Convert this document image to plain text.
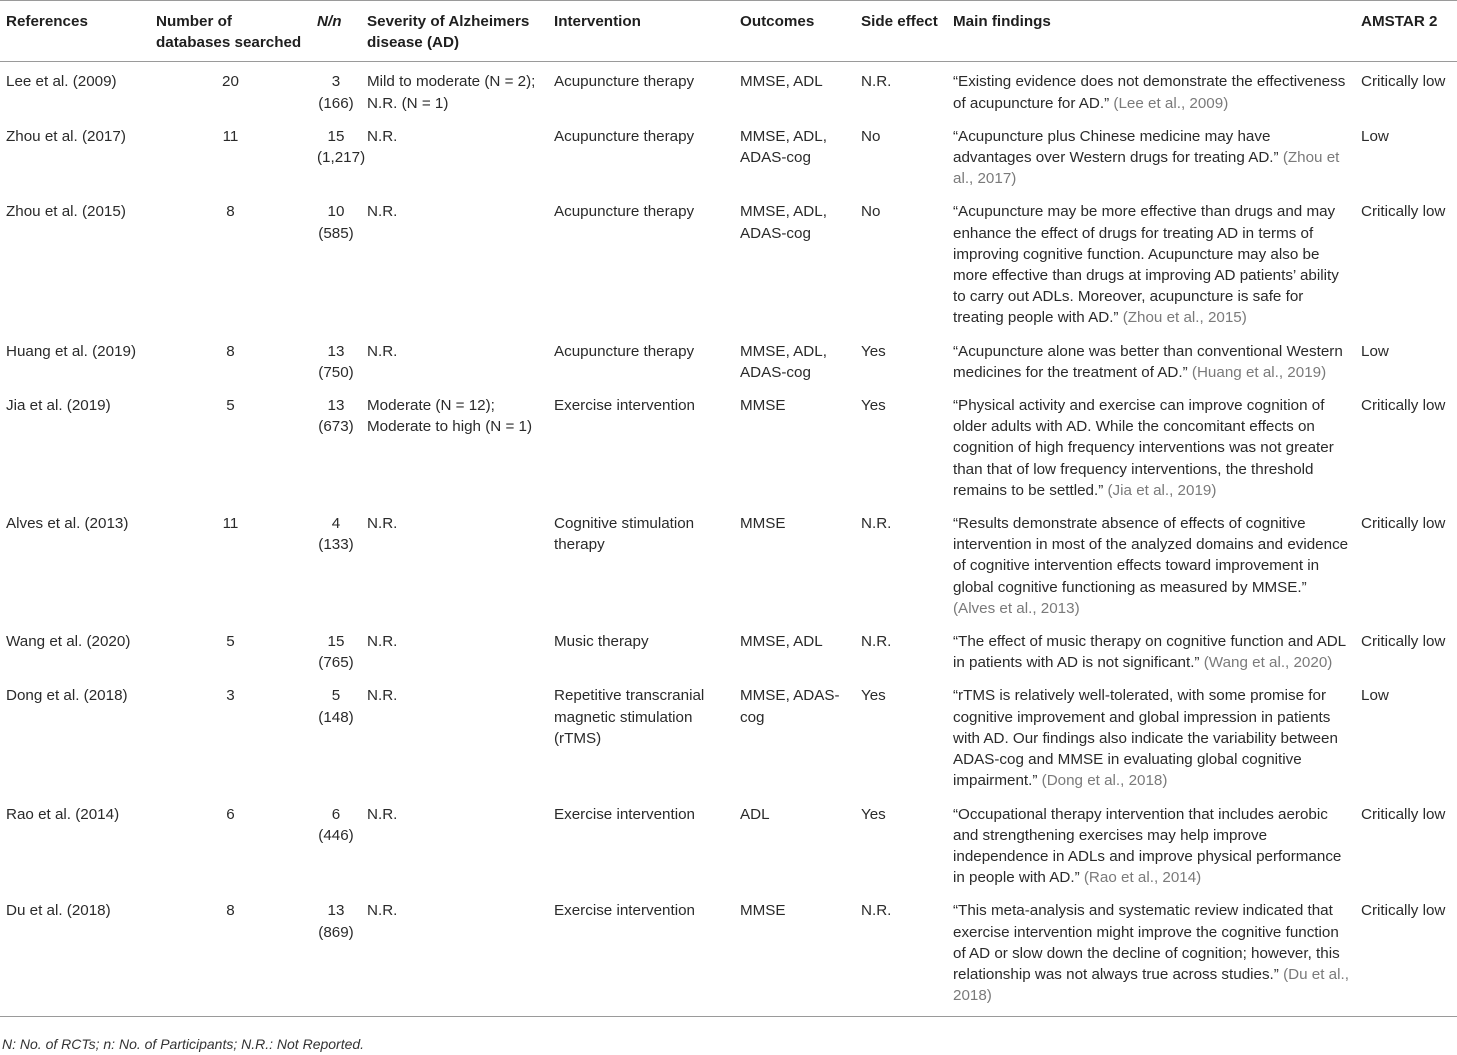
References	Number of databases searched	N/n	Severity of Alzheimers disease (AD)	Intervention	Outcomes	Side effect	Main findings	AMSTAR 2
Lee et al. (2009)	20	3 (166)	Mild to moderate (N = 2); N.R. (N = 1)	Acupuncture therapy	MMSE, ADL	N.R.	“Existing evidence does not demonstrate the effectiveness of acupuncture for AD.” (Lee et al., 2009)	Critically low
Zhou et al. (2017)	11	15 (1,217)	N.R.	Acupuncture therapy	MMSE, ADL, ADAS-cog	No	“Acupuncture plus Chinese medicine may have advantages over Western drugs for treating AD.” (Zhou et al., 2017)	Low
Zhou et al. (2015)	8	10 (585)	N.R.	Acupuncture therapy	MMSE, ADL, ADAS-cog	No	“Acupuncture may be more effective than drugs and may enhance the effect of drugs for treating AD in terms of improving cognitive function. Acupuncture may also be more effective than drugs at improving AD patients’ ability to carry out ADLs. Moreover, acupuncture is safe for treating people with AD.” (Zhou et al., 2015)	Critically low
Huang et al. (2019)	8	13 (750)	N.R.	Acupuncture therapy	MMSE, ADL, ADAS-cog	Yes	“Acupuncture alone was better than conventional Western medicines for the treatment of AD.” (Huang et al., 2019)	Low
Jia et al. (2019)	5	13 (673)	Moderate (N = 12); Moderate to high (N = 1)	Exercise intervention	MMSE	Yes	“Physical activity and exercise can improve cognition of older adults with AD. While the concomitant effects on cognition of high frequency interventions was not greater than that of low frequency interventions, the threshold remains to be settled.” (Jia et al., 2019)	Critically low
Alves et al. (2013)	11	4 (133)	N.R.	Cognitive stimulation therapy	MMSE	N.R.	“Results demonstrate absence of effects of cognitive intervention in most of the analyzed domains and evidence of cognitive intervention effects toward improvement in global cognitive functioning as measured by MMSE.” (Alves et al., 2013)	Critically low
Wang et al. (2020)	5	15 (765)	N.R.	Music therapy	MMSE, ADL	N.R.	“The effect of music therapy on cognitive function and ADL in patients with AD is not significant.” (Wang et al., 2020)	Critically low
Dong et al. (2018)	3	5 (148)	N.R.	Repetitive transcranial magnetic stimulation (rTMS)	MMSE, ADAS-cog	Yes	“rTMS is relatively well-tolerated, with some promise for cognitive improvement and global impression in patients with AD. Our findings also indicate the variability between ADAS-cog and MMSE in evaluating global cognitive impairment.” (Dong et al., 2018)	Low
Rao et al. (2014)	6	6 (446)	N.R.	Exercise intervention	ADL	Yes	“Occupational therapy intervention that includes aerobic and strengthening exercises may help improve independence in ADLs and improve physical performance in people with AD.” (Rao et al., 2014)	Critically low
Du et al. (2018)	8	13 (869)	N.R.	Exercise intervention	MMSE	N.R.	“This meta-analysis and systematic review indicated that exercise intervention might improve the cognitive function of AD or slow down the decline of cognition; however, this relationship was not always true across studies.” (Du et al., 2018)	Critically low
N: No. of RCTs; n: No. of Participants; N.R.: Not Reported.
